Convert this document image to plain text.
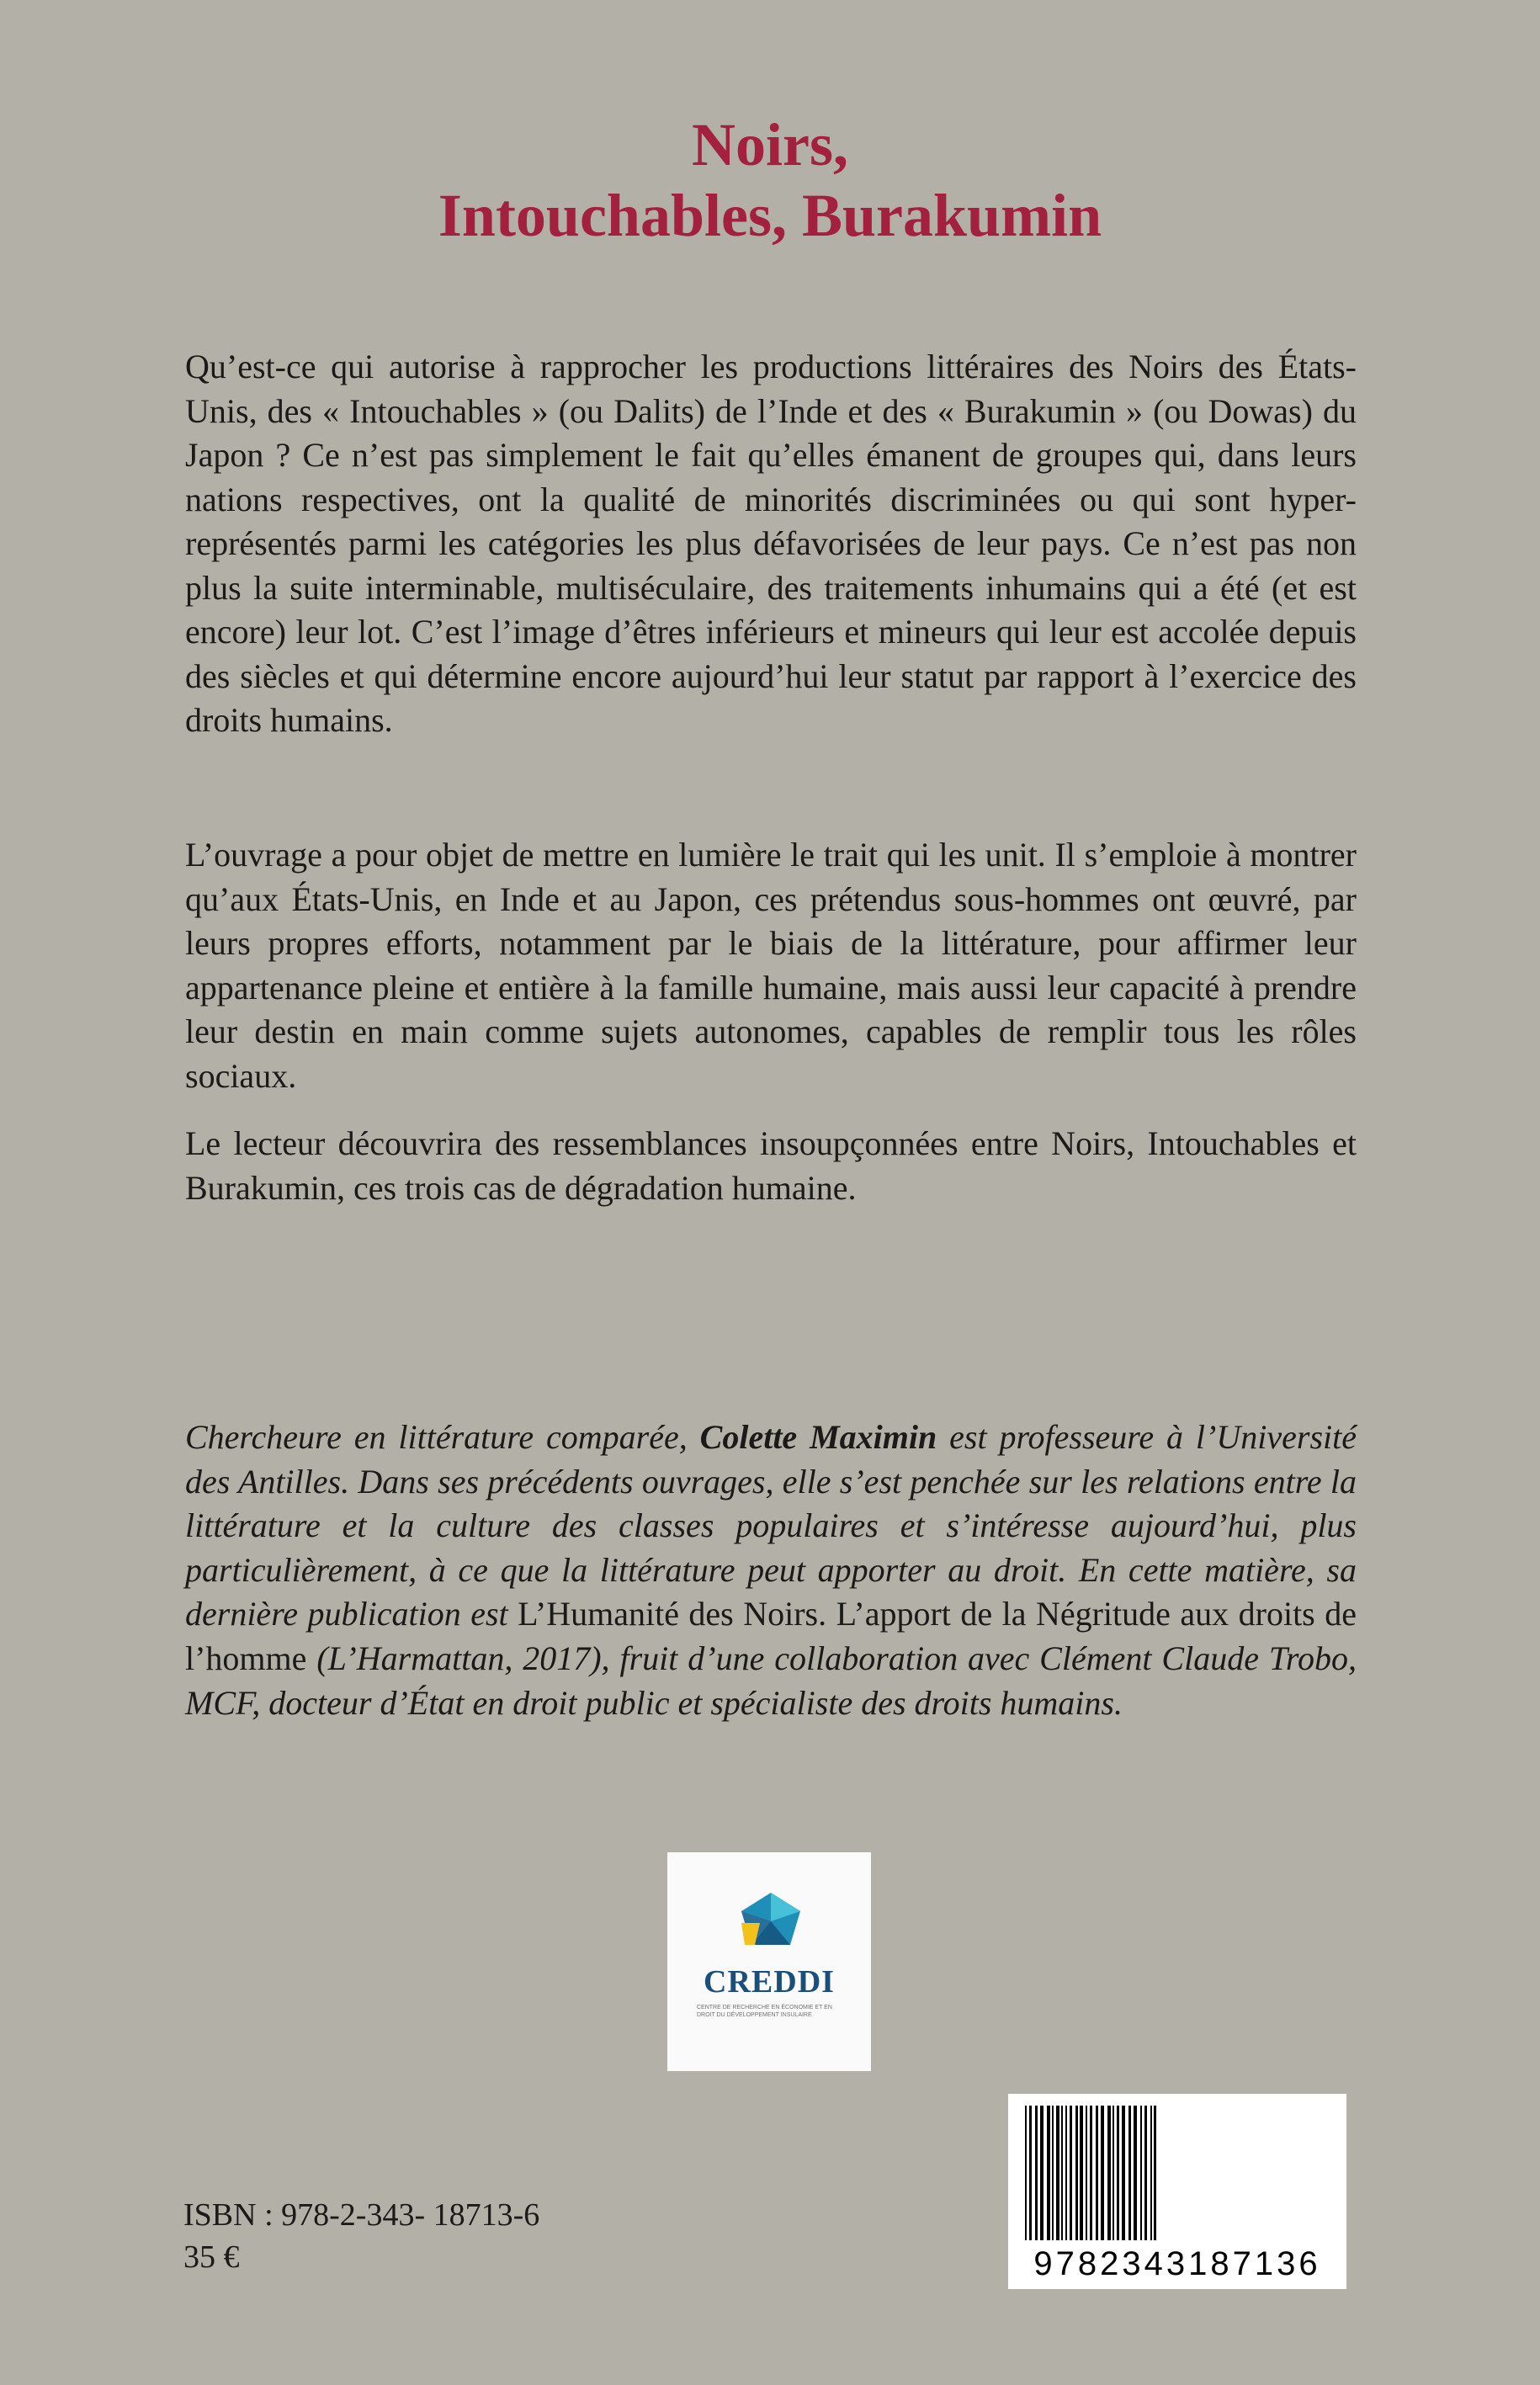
Noirs,
Intouchables, Burakumin

Qu’est-ce qui autorise à rapprocher les productions littéraires des Noirs des États-Unis, des « Intouchables » (ou Dalits) de l’Inde et des « Burakumin » (ou Dowas) du Japon ? Ce n’est pas simplement le fait qu’elles émanent de groupes qui, dans leurs nations respectives, ont la qualité de minorités discriminées ou qui sont hyper-représentés parmi les catégories les plus défavorisées de leur pays. Ce n’est pas non plus la suite interminable, multiséculaire, des traitements inhumains qui a été (et est encore) leur lot. C’est l’image d’êtres inférieurs et mineurs qui leur est accolée depuis des siècles et qui détermine encore aujourd’hui leur statut par rapport à l’exercice des droits humains.

L’ouvrage a pour objet de mettre en lumière le trait qui les unit. Il s’emploie à montrer qu’aux États-Unis, en Inde et au Japon, ces prétendus sous-hommes ont œuvré, par leurs propres efforts, notamment par le biais de la littérature, pour affirmer leur appartenance pleine et entière à la famille humaine, mais aussi leur capacité à prendre leur destin en main comme sujets autonomes, capables de remplir tous les rôles sociaux.

Le lecteur découvrira des ressemblances insoupçonnées entre Noirs, Intouchables et Burakumin, ces trois cas de dégradation humaine.

Chercheure en littérature comparée, Colette Maximin est professeure à l’Université des Antilles. Dans ses précédents ouvrages, elle s’est penchée sur les relations entre la littérature et la culture des classes populaires et s’intéresse aujourd’hui, plus particulièrement, à ce que la littérature peut apporter au droit. En cette matière, sa dernière publication est L’Humanité des Noirs. L’apport de la Négritude aux droits de l’homme (L’Harmattan, 2017), fruit d’une collaboration avec Clément Claude Trobo, MCF, docteur d’État en droit public et spécialiste des droits humains.

CREDDI
CENTRE DE RECHERCHE EN ÉCONOMIE ET EN DROIT DU DÉVELOPPEMENT INSULAIRE
ISBN : 978-2-343- 18713-6
35 €	9782343187136
